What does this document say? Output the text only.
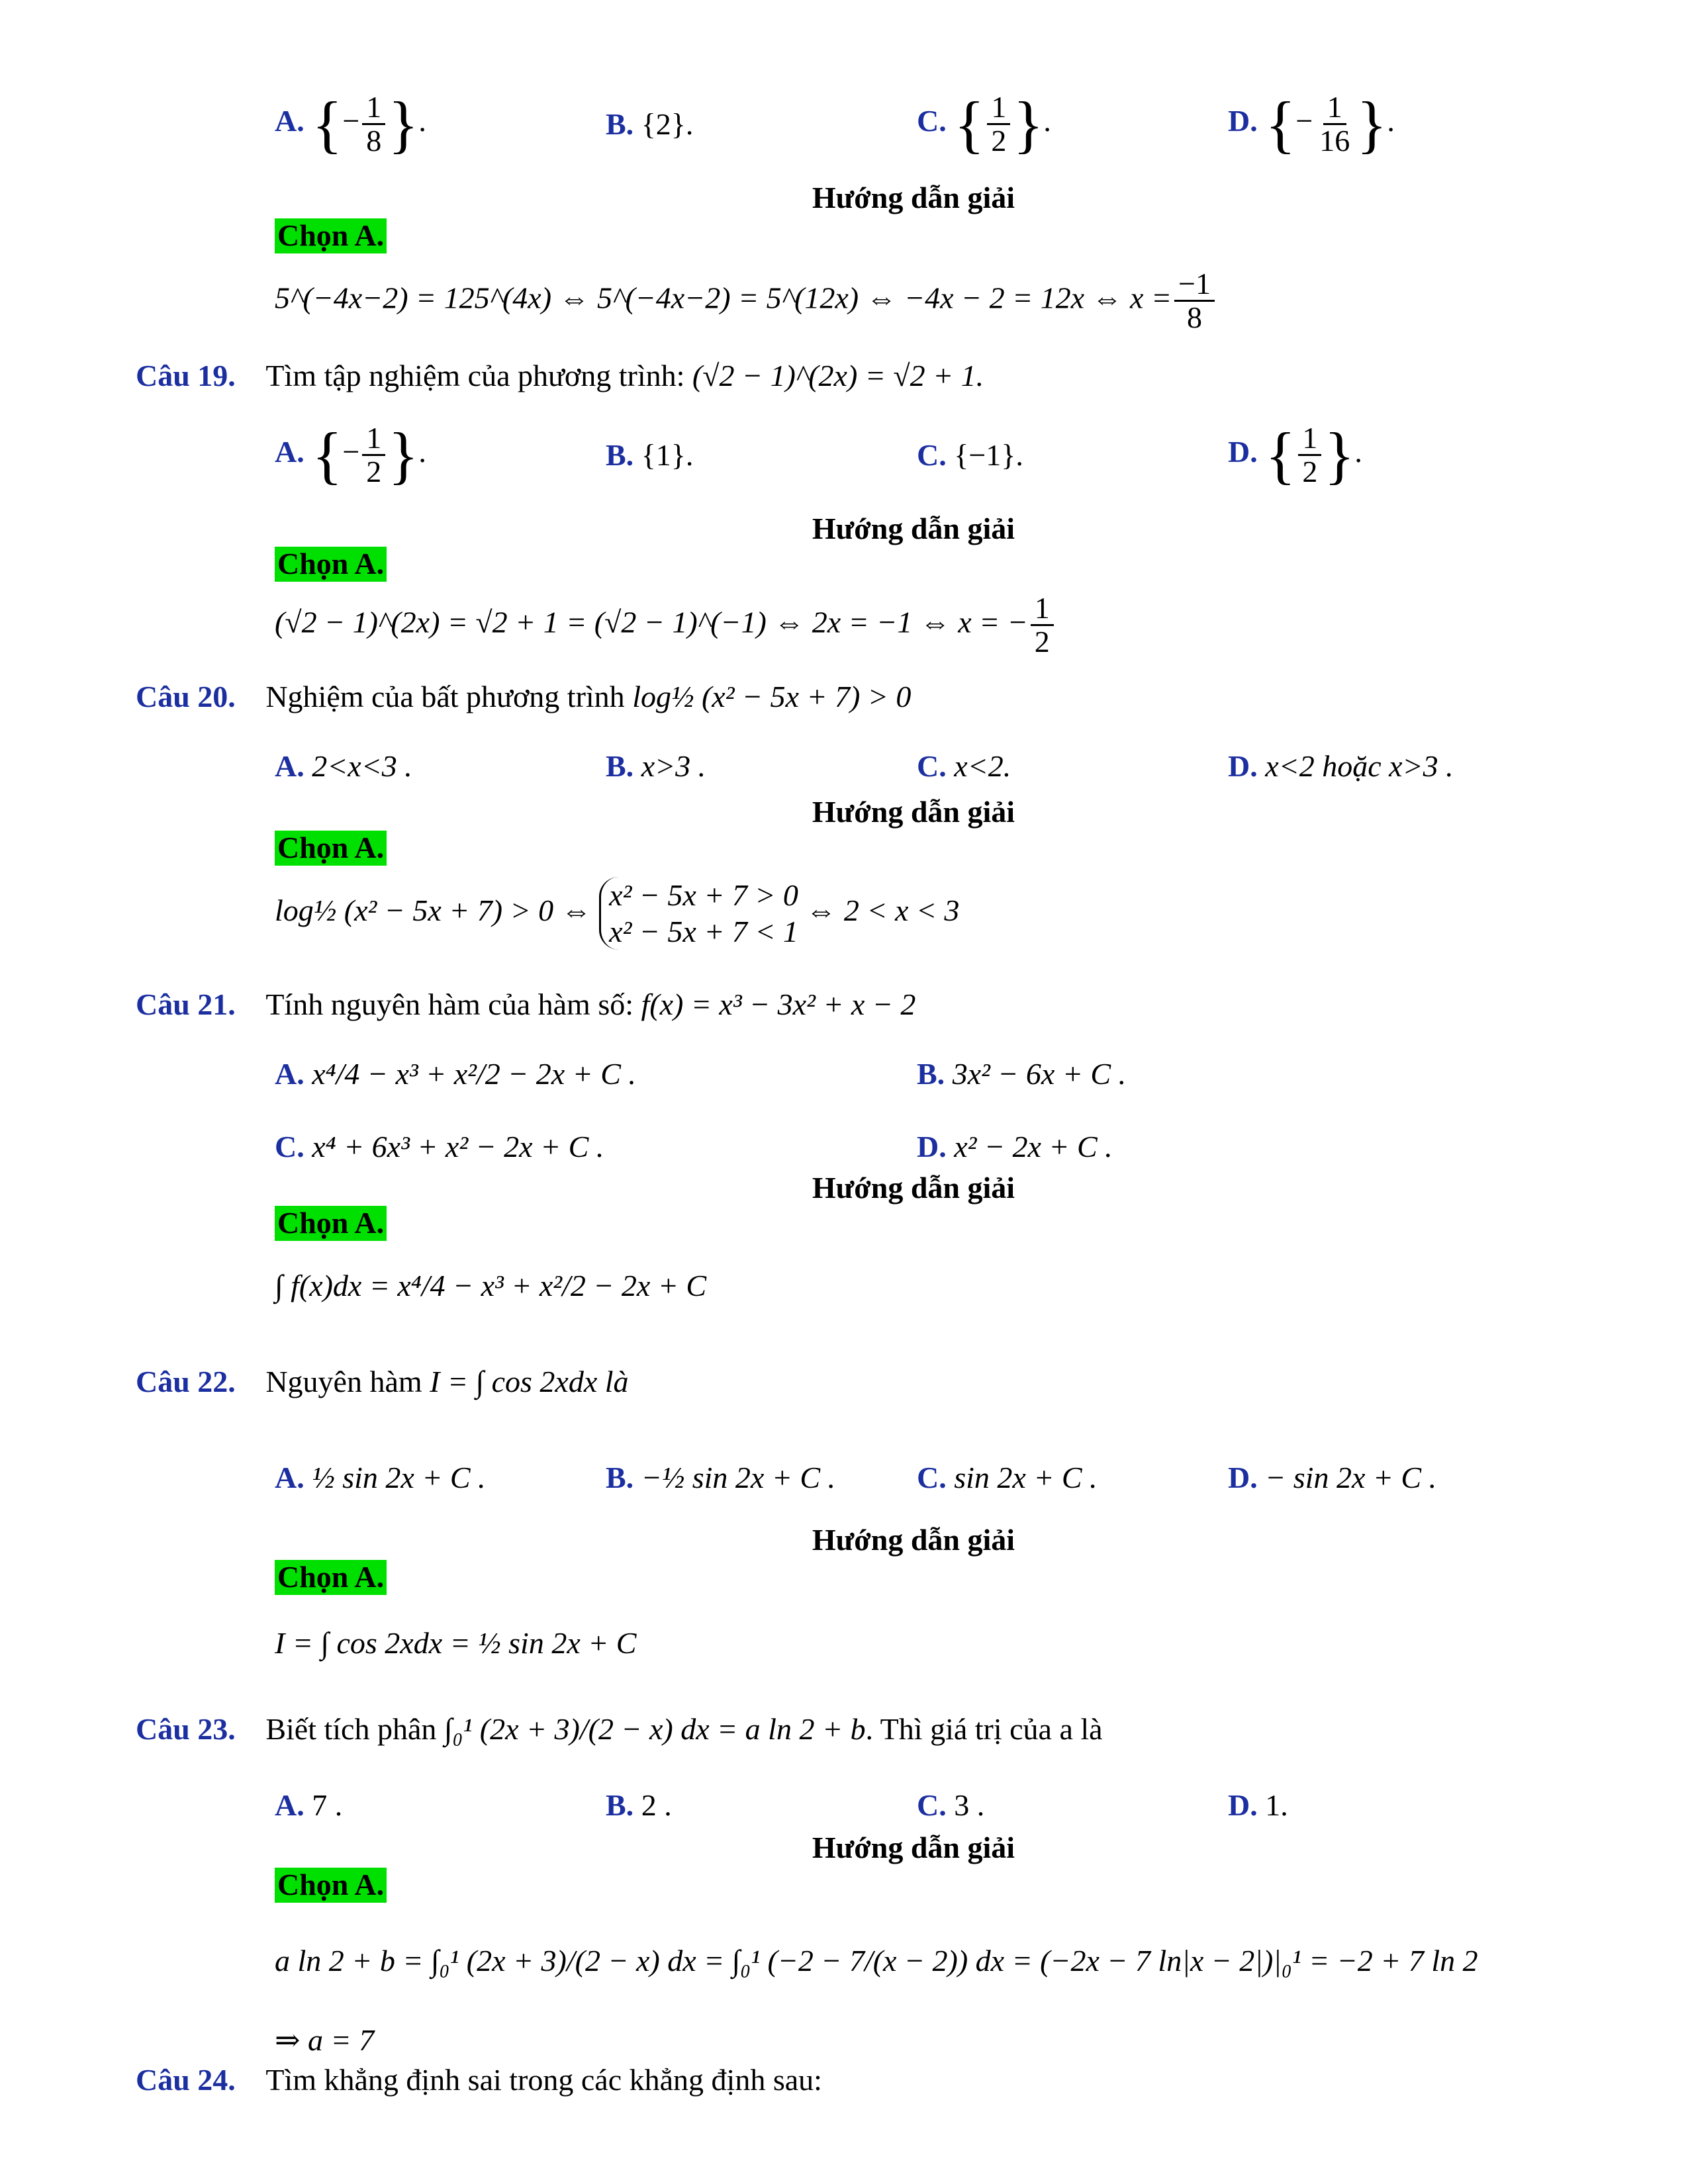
A. {− $\frac{1}{8}$ }.	B. {2}.	C. { $\frac{1}{2}$ }.	D. {− $\frac{1}{16}$ }.
Hướng dẫn giải
Chọn A.
5^(−4x−2) = 125^(4x) ⇔ 5^(−4x−2) = 5^(12x) ⇔ −4x − 2 = 12x ⇔ $x = \frac{-1}{8}$
Câu 19. Tìm tập nghiệm của phương trình: (√2 − 1)^(2x) = √2 + 1.
A. {− $\frac{1}{2}$ }.	B. {1}.	C. {−1}.	D. { $\frac{1}{2}$ }.
Hướng dẫn giải
Chọn A.
(√2 − 1)^(2x) = √2 + 1 = (√2 − 1)^(−1) ⇔ 2x = −1 ⇔ x = − $\frac{1}{2}$
Câu 20. Nghiệm của bất phương trình log½ (x² − 5x + 7) > 0
A. 2<x<3 .	B. x>3 .	C. x<2.	D. x<2 hoặc x>3 .
Hướng dẫn giải
Chọn A.
log½ (x² − 5x + 7) > 0 ⇔ x² − 5x + 7 > 0
x² − 5x + 7 < 1
⇔ 2 < x < 3
Câu 21. Tính nguyên hàm của hàm số: f(x) = x³ − 3x² + x − 2
A. x⁴/4 − x³ + x²/2 − 2x + C .	B. 3x² − 6x + C .
C. x⁴ + 6x³ + x² − 2x + C .	D. x² − 2x + C .
Hướng dẫn giải
Chọn A.
∫ f(x)dx = x⁴/4 − x³ + x²/2 − 2x + C
Câu 22. Nguyên hàm I = ∫ cos 2xdx là
A. ½ sin 2x + C .	B. −½ sin 2x + C .	C. sin 2x + C .	D. − sin 2x + C .
Hướng dẫn giải
Chọn A.
I = ∫ cos 2xdx = ½ sin 2x + C
Câu 23. Biết tích phân ∫₀¹ (2x + 3)/(2 − x) dx = a ln 2 + b. Thì giá trị của a là
A. 7 .	B. 2 .	C. 3 .	D. 1.
Hướng dẫn giải
Chọn A.
a ln 2 + b = ∫₀¹ (2x + 3)/(2 − x) dx = ∫₀¹ (−2 − 7/(x − 2)) dx = (−2x − 7 ln|x − 2|)|₀¹ = −2 + 7 ln 2
⇒ a = 7
Câu 24. Tìm khẳng định sai trong các khẳng định sau:
